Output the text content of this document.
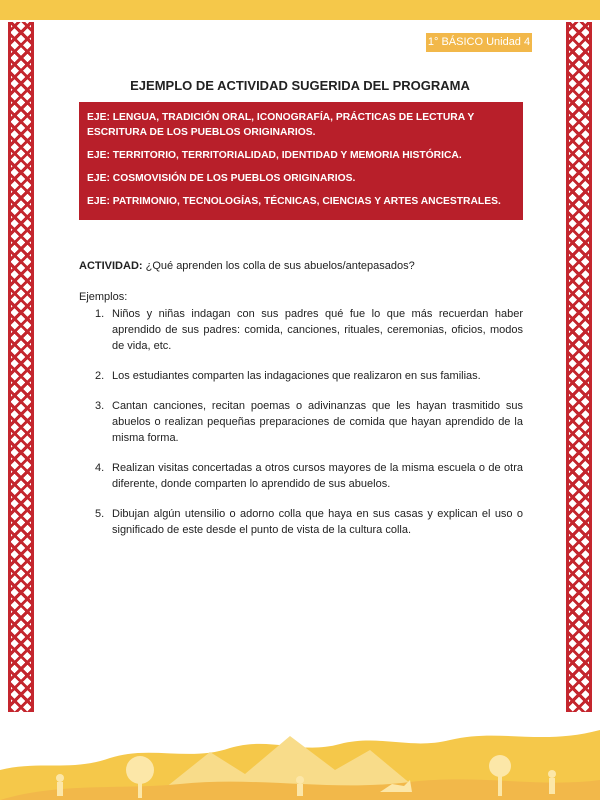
1° BÁSICO Unidad 4
EJEMPLO DE ACTIVIDAD SUGERIDA DEL PROGRAMA

EJE: LENGUA, TRADICIÓN ORAL, ICONOGRAFÍA, PRÁCTICAS DE LECTURA Y ESCRITURA DE LOS PUEBLOS ORIGINARIOS.

EJE: TERRITORIO, TERRITORIALIDAD, IDENTIDAD Y MEMORIA HISTÓRICA.

EJE: COSMOVISIÓN DE LOS PUEBLOS ORIGINARIOS.

EJE: PATRIMONIO, TECNOLOGÍAS, TÉCNICAS, CIENCIAS Y ARTES ANCESTRALES.

ACTIVIDAD: ¿Qué aprenden los colla de sus abuelos/antepasados?
Ejemplos:
1. Niños y niñas indagan con sus padres qué fue lo que más recuerdan haber aprendido de sus padres: comida, canciones, rituales, ceremonias, oficios, modos de vida, etc.
2. Los estudiantes comparten las indagaciones que realizaron en sus familias.
3. Cantan canciones, recitan poemas o adivinanzas que les hayan trasmitido sus abuelos o realizan pequeñas preparaciones de comida que hayan aprendido de la misma forma.
4. Realizan visitas concertadas a otros cursos mayores de la misma escuela o de otra diferente, donde comparten lo aprendido de sus abuelos.
5. Dibujan algún utensilio o adorno colla que haya en sus casas y explican el uso o significado de este desde el punto de vista de la cultura colla.
